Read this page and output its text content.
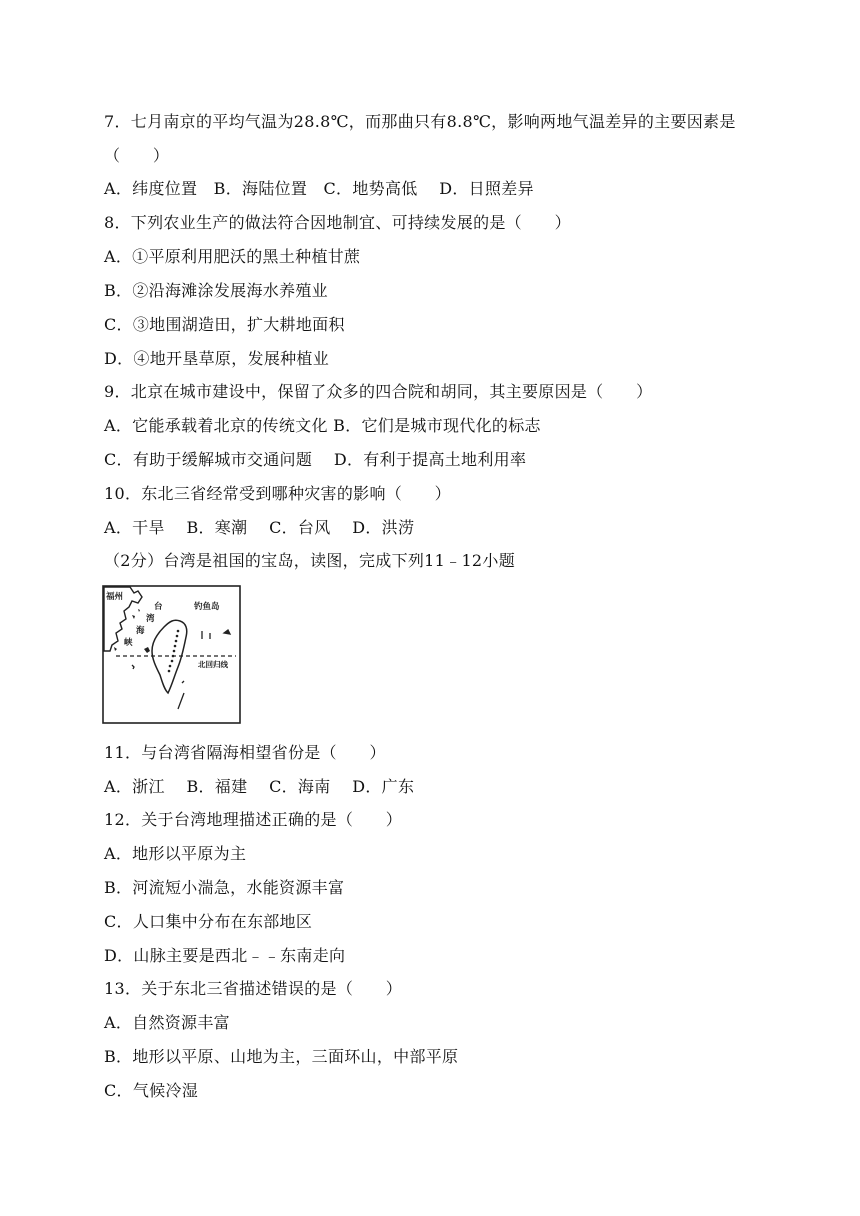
7．七月南京的平均气温为28.8℃，而那曲只有8.8℃，影响两地气温差异的主要因素是
（　　）
A．纬度位置　B．海陆位置　C．地势高低　 D．日照差异
8．下列农业生产的做法符合因地制宜、可持续发展的是（　　）
A．①平原利用肥沃的黑土种植甘蔗
B．②沿海滩涂发展海水养殖业
C．③地围湖造田，扩大耕地面积
D．④地开垦草原，发展种植业
9．北京在城市建设中，保留了众多的四合院和胡同，其主要原因是（　　）
A．它能承载着北京的传统文化 B．它们是城市现代化的标志
C．有助于缓解城市交通问题　 D．有利于提高土地利用率
10．东北三省经常受到哪种灾害的影响（　　）
A．干旱　 B．寒潮　 C．台风　 D．洪涝
（2分）台湾是祖国的宝岛，读图，完成下列11﹣12小题
福州
台
湾
海
峡
钓鱼岛
北回归线
11．与台湾省隔海相望省份是（　　）
A．浙江　 B．福建　 C．海南　 D．广东
12．关于台湾地理描述正确的是（　　）
A．地形以平原为主
B．河流短小湍急，水能资源丰富
C．人口集中分布在东部地区
D．山脉主要是西北﹣﹣东南走向
13．关于东北三省描述错误的是（　　）
A．自然资源丰富
B．地形以平原、山地为主，三面环山，中部平原
C．气候冷湿
